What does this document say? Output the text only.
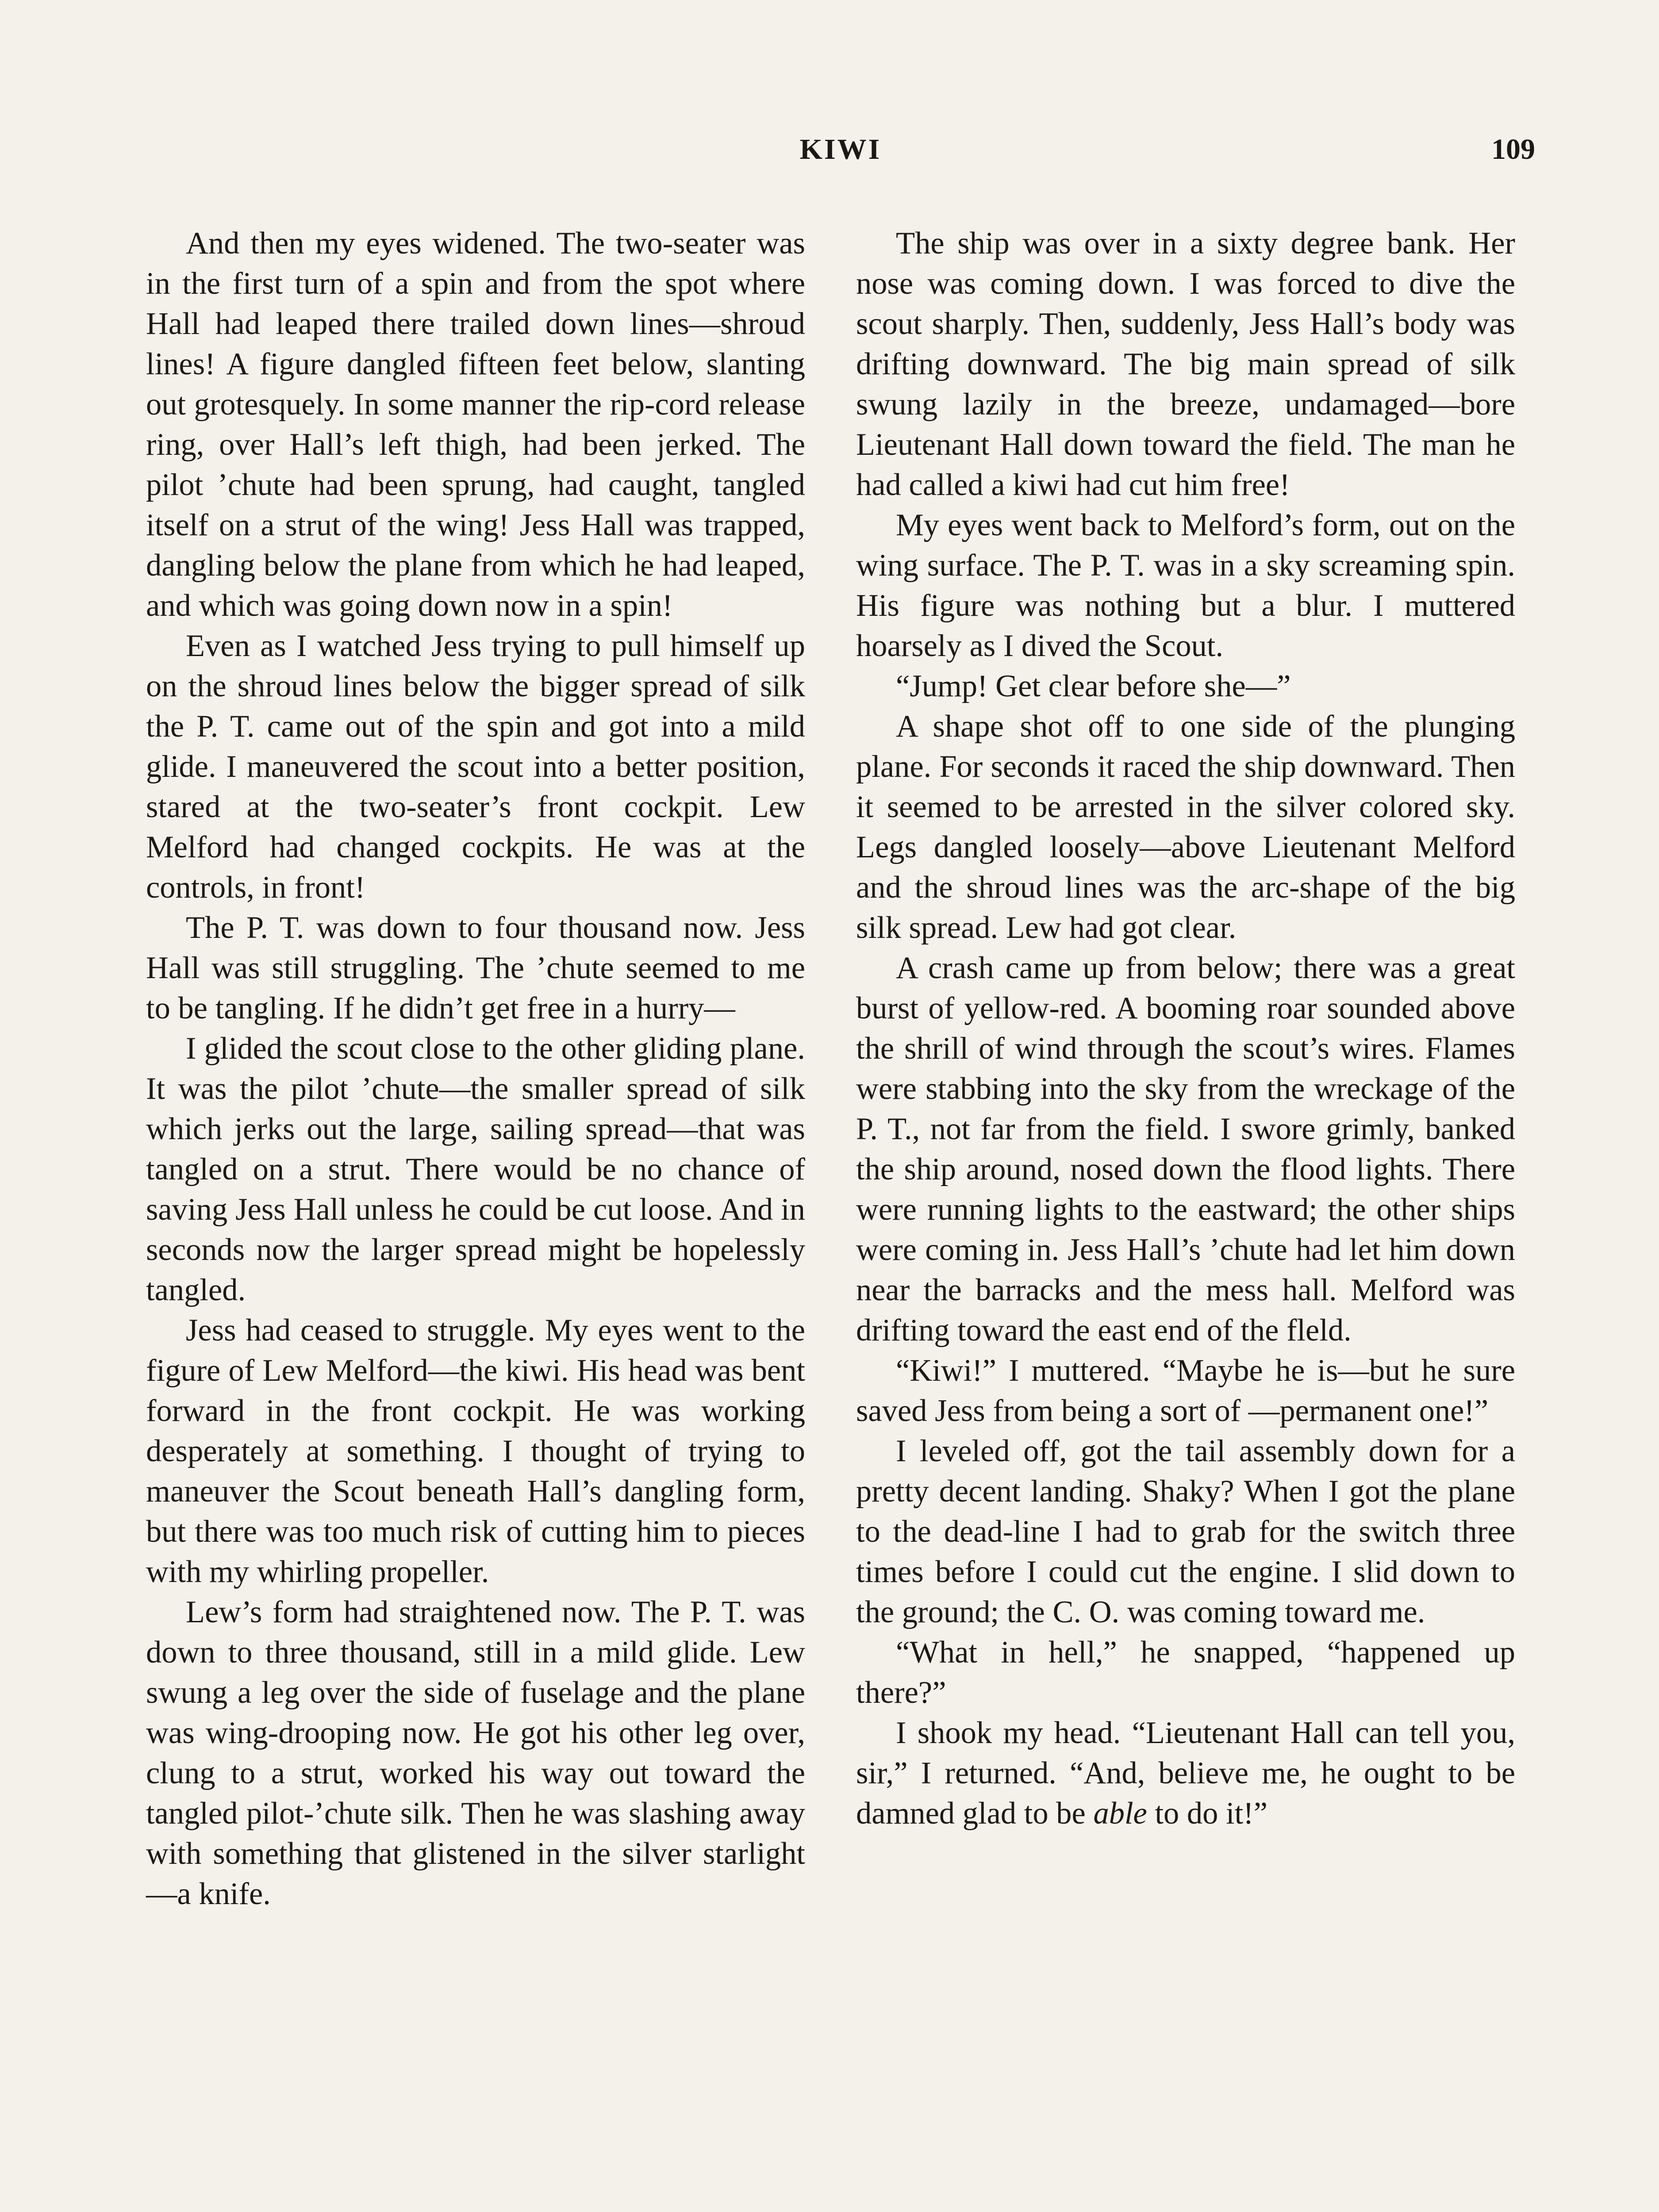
KIWI	109

And then my eyes widened. The two-seater was in the first turn of a spin and from the spot where Hall had leaped there trailed down lines—shroud lines! A figure dangled fifteen feet below, slanting out grotesquely. In some manner the rip-cord release ring, over Hall’s left thigh, had been jerked. The pilot ’chute had been sprung, had caught, tangled itself on a strut of the wing! Jess Hall was trapped, dangling below the plane from which he had leaped, and which was going down now in a spin!

Even as I watched Jess trying to pull himself up on the shroud lines below the bigger spread of silk the P. T. came out of the spin and got into a mild glide. I maneuvered the scout into a better position, stared at the two-seater’s front cockpit. Lew Melford had changed cockpits. He was at the controls, in front!

The P. T. was down to four thousand now. Jess Hall was still struggling. The ’chute seemed to me to be tangling. If he didn’t get free in a hurry—

I glided the scout close to the other gliding plane. It was the pilot ’chute—the smaller spread of silk which jerks out the large, sailing spread—that was tangled on a strut. There would be no chance of saving Jess Hall unless he could be cut loose. And in seconds now the larger spread might be hopelessly tangled.

Jess had ceased to struggle. My eyes went to the figure of Lew Melford—the kiwi. His head was bent forward in the front cockpit. He was working desperately at something. I thought of trying to maneuver the Scout beneath Hall’s dangling form, but there was too much risk of cutting him to pieces with my whirling propeller.

Lew’s form had straightened now. The P. T. was down to three thousand, still in a mild glide. Lew swung a leg over the side of fuselage and the plane was wing-drooping now. He got his other leg over, clung to a strut, worked his way out toward the tangled pilot-’chute silk. Then he was slashing away with something that glistened in the silver starlight—a knife.

The ship was over in a sixty degree bank. Her nose was coming down. I was forced to dive the scout sharply. Then, suddenly, Jess Hall’s body was drifting downward. The big main spread of silk swung lazily in the breeze, undamaged—bore Lieutenant Hall down toward the field. The man he had called a kiwi had cut him free!

My eyes went back to Melford’s form, out on the wing surface. The P. T. was in a sky screaming spin. His figure was nothing but a blur. I muttered hoarsely as I dived the Scout.

“Jump! Get clear before she—”

A shape shot off to one side of the plunging plane. For seconds it raced the ship downward. Then it seemed to be arrested in the silver colored sky. Legs dangled loosely—above Lieutenant Melford and the shroud lines was the arc-shape of the big silk spread. Lew had got clear.

A crash came up from below; there was a great burst of yellow-red. A booming roar sounded above the shrill of wind through the scout’s wires. Flames were stabbing into the sky from the wreckage of the P. T., not far from the field. I swore grimly, banked the ship around, nosed down the flood lights. There were running lights to the eastward; the other ships were coming in. Jess Hall’s ’chute had let him down near the barracks and the mess hall. Melford was drifting toward the east end of the fleld.

“Kiwi!” I muttered. “Maybe he is—but he sure saved Jess from being a sort of —permanent one!”

I leveled off, got the tail assembly down for a pretty decent landing. Shaky? When I got the plane to the dead-line I had to grab for the switch three times before I could cut the engine. I slid down to the ground; the C. O. was coming toward me.

“What in hell,” he snapped, “happened up there?”

I shook my head. “Lieutenant Hall can tell you, sir,” I returned. “And, believe me, he ought to be damned glad to be able to do it!”
